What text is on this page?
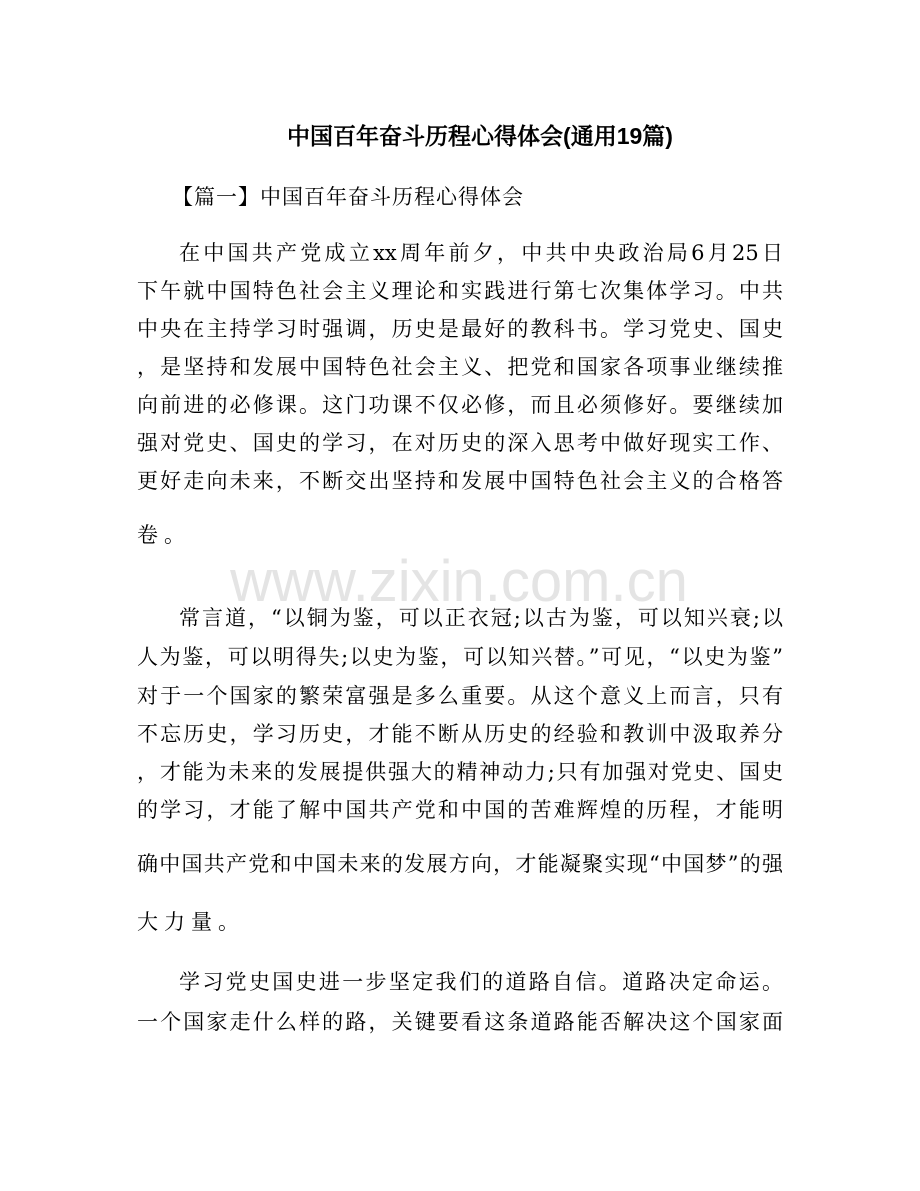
中国百年奋斗历程心得体会(通用19篇)
【篇一】中国百年奋斗历程心得体会
www.zixin.com.cn
在中国共产党成立xx周年前夕，中共中央政治局6月25日
下午就中国特色社会主义理论和实践进行第七次集体学习。中共
中央在主持学习时强调，历史是最好的教科书。学习党史、国史
，是坚持和发展中国特色社会主义、把党和国家各项事业继续推
向前进的必修课。这门功课不仅必修，而且必须修好。要继续加
强对党史、国史的学习，在对历史的深入思考中做好现实工作、
更好走向未来，不断交出坚持和发展中国特色社会主义的合格答
卷。
常言道，“以铜为鉴，可以正衣冠;以古为鉴，可以知兴衰;以
人为鉴，可以明得失;以史为鉴，可以知兴替。”可见，“以史为鉴”
对于一个国家的繁荣富强是多么重要。从这个意义上而言，只有
不忘历史，学习历史，才能不断从历史的经验和教训中汲取养分
，才能为未来的发展提供强大的精神动力;只有加强对党史、国史
的学习，才能了解中国共产党和中国的苦难辉煌的历程，才能明
确中国共产党和中国未来的发展方向，才能凝聚实现“中国梦”的强
大力量。
学习党史国史进一步坚定我们的道路自信。道路决定命运。
一个国家走什么样的路，关键要看这条道路能否解决这个国家面
